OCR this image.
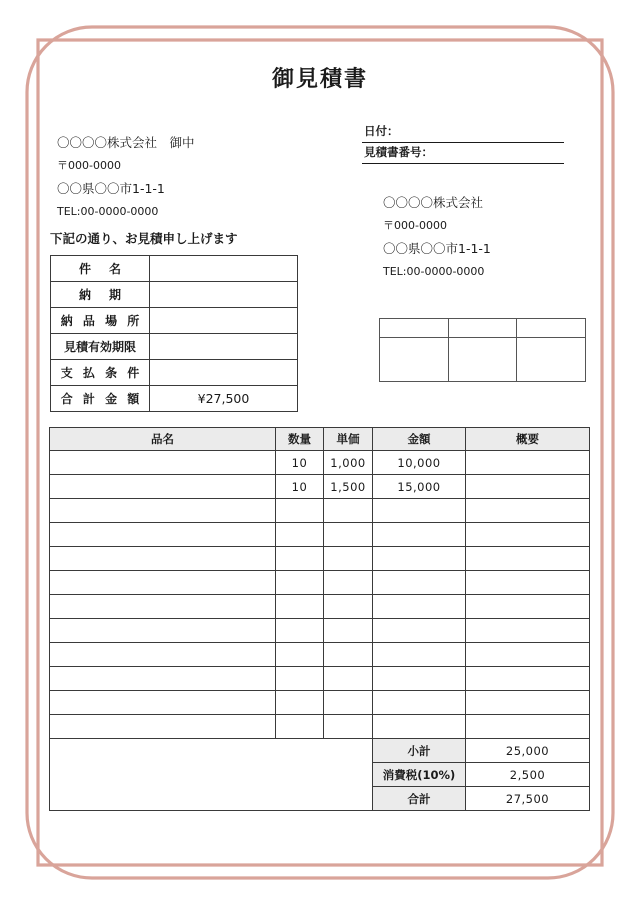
御見積書
〇〇〇〇株式会社　御中
〒000-0000
〇〇県〇〇市1-1-1
TEL:00-0000-0000
下記の通り、お見積申し上げます
日付：
見積書番号：
〇〇〇〇株式会社
〒000-0000
〇〇県〇〇市1-1-1
TEL:00-0000-0000
件　名	
納　期	
納 品 場 所	
見積有効期限	
支 払 条 件	
合 計 金 額	¥27,500
品名	数量	単価	金額	概要
	10	1,000	10,000	
	10	1,500	15,000	

			小計	25,000
			消費税(10%)	2,500
			合計	27,500
